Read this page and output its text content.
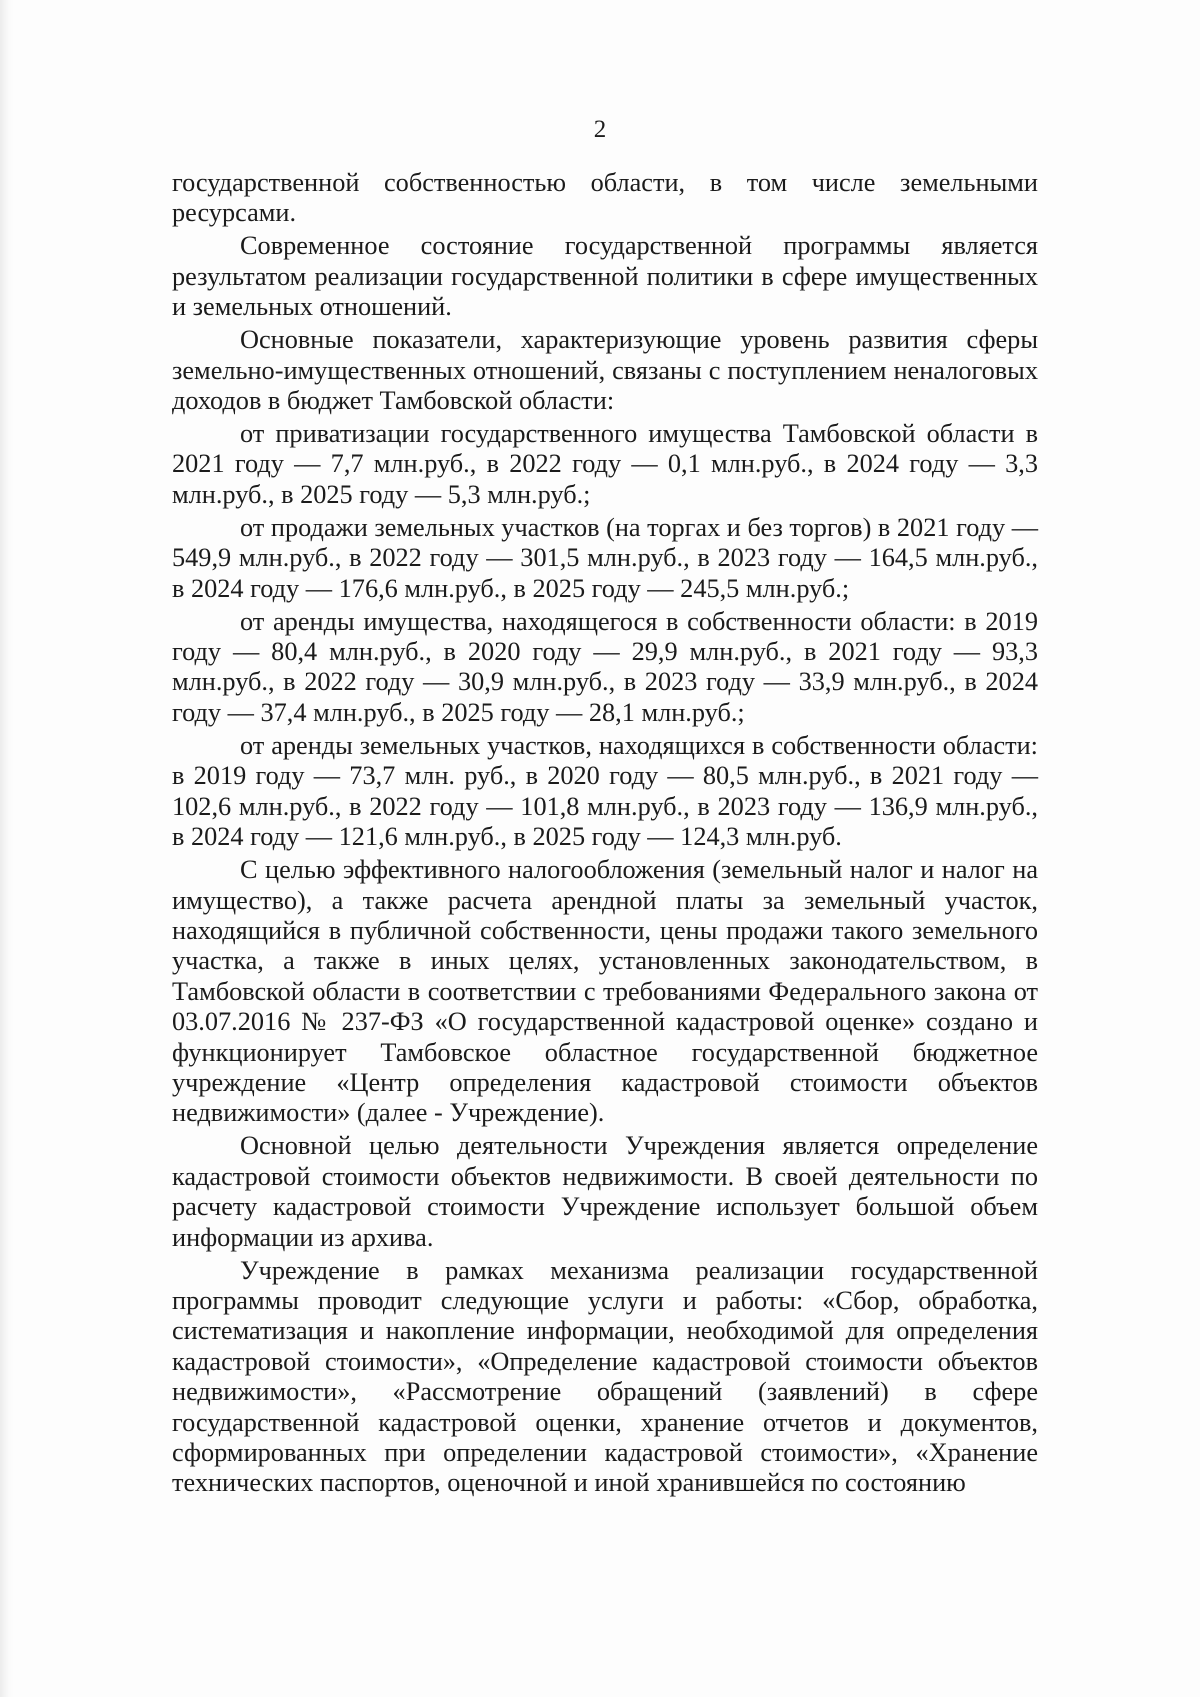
2

государственной собственностью области, в том числе земельными ресурсами.

Современное состояние государственной программы является результатом реализации государственной политики в сфере имущественных и земельных отношений.

Основные показатели, характеризующие уровень развития сферы земельно-имущественных отношений, связаны с поступлением неналоговых доходов в бюджет Тамбовской области:

от приватизации государственного имущества Тамбовской области в 2021 году — 7,7 млн.руб., в 2022 году — 0,1 млн.руб., в 2024 году — 3,3 млн.руб., в 2025 году — 5,3 млн.руб.;

от продажи земельных участков (на торгах и без торгов) в 2021 году — 549,9 млн.руб., в 2022 году — 301,5 млн.руб., в 2023 году — 164,5 млн.руб., в 2024 году — 176,6 млн.руб., в 2025 году — 245,5 млн.руб.;

от аренды имущества, находящегося в собственности области: в 2019 году — 80,4 млн.руб., в 2020 году — 29,9 млн.руб., в 2021 году — 93,3 млн.руб., в 2022 году — 30,9 млн.руб., в 2023 году — 33,9 млн.руб., в 2024 году — 37,4 млн.руб., в 2025 году — 28,1 млн.руб.;

от аренды земельных участков, находящихся в собственности области: в 2019 году — 73,7 млн. руб., в 2020 году — 80,5 млн.руб., в 2021 году — 102,6 млн.руб., в 2022 году — 101,8 млн.руб., в 2023 году — 136,9 млн.руб., в 2024 году — 121,6 млн.руб., в 2025 году — 124,3 млн.руб.

С целью эффективного налогообложения (земельный налог и налог на имущество), а также расчета арендной платы за земельный участок, находящийся в публичной собственности, цены продажи такого земельного участка, а также в иных целях, установленных законодательством, в Тамбовской области в соответствии с требованиями Федерального закона от 03.07.2016 № 237-ФЗ «О государственной кадастровой оценке» создано и функционирует Тамбовское областное государственной бюджетное учреждение «Центр определения кадастровой стоимости объектов недвижимости» (далее - Учреждение).

Основной целью деятельности Учреждения является определение кадастровой стоимости объектов недвижимости. В своей деятельности по расчету кадастровой стоимости Учреждение использует большой объем информации из архива.

Учреждение в рамках механизма реализации государственной программы проводит следующие услуги и работы: «Сбор, обработка, систематизация и накопление информации, необходимой для определения кадастровой стоимости», «Определение кадастровой стоимости объектов недвижимости», «Рассмотрение обращений (заявлений) в сфере государственной кадастровой оценки, хранение отчетов и документов, сформированных при определении кадастровой стоимости», «Хранение технических паспортов, оценочной и иной хранившейся по состоянию
